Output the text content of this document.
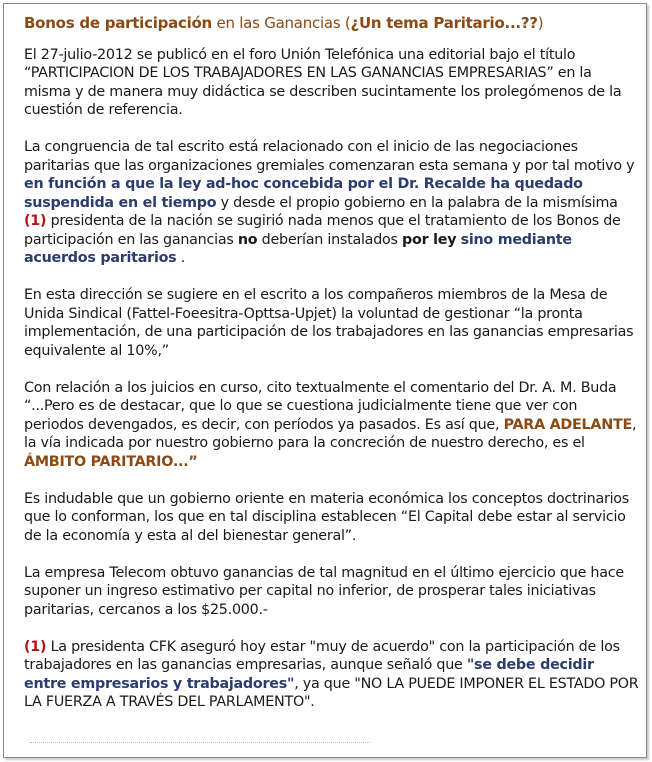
Bonos de participación en las Ganancias (¿Un tema Paritario...??)

El 27-julio-2012 se publicó en el foro Unión Telefónica una editorial bajo el título “PARTICIPACION DE LOS TRABAJADORES EN LAS GANANCIAS EMPRESARIAS” en la misma y de manera muy didáctica se describen sucintamente los prolegómenos de la cuestión de referencia.

La congruencia de tal escrito está relacionado con el inicio de las negociaciones paritarias que las organizaciones gremiales comenzaran esta semana y por tal motivo y en función a que la ley ad-hoc concebida por el Dr. Recalde ha quedado suspendida en el tiempo y desde el propio gobierno en la palabra de la mismísima (1) presidenta de la nación se sugirió nada menos que el tratamiento de los Bonos de participación en las ganancias no deberían instalados por ley sino mediante acuerdos paritarios .

En esta dirección se sugiere en el escrito a los compañeros miembros de la Mesa de Unida Sindical (Fattel-Foeesitra-Opttsa-Upjet) la voluntad de gestionar “la pronta implementación, de una participación de los trabajadores en las ganancias empresarias equivalente al 10%,”

Con relación a los juicios en curso, cito textualmente el comentario del Dr. A. M. Buda “...Pero es de destacar, que lo que se cuestiona judicialmente tiene que ver con periodos devengados, es decir, con períodos ya pasados. Es así que, PARA ADELANTE, la vía indicada por nuestro gobierno para la concreción de nuestro derecho, es el ÁMBITO PARITARIO...”

Es indudable que un gobierno oriente en materia económica los conceptos doctrinarios que lo conforman, los que en tal disciplina establecen “El Capital debe estar al servicio de la economía y esta al del bienestar general”.

La empresa Telecom obtuvo ganancias de tal magnitud en el último ejercicio que hace suponer un ingreso estimativo per capital no inferior, de prosperar tales iniciativas paritarias, cercanos a los $25.000.-

(1) La presidenta CFK aseguró hoy estar "muy de acuerdo" con la participación de los trabajadores en las ganancias empresarias, aunque señaló que "se debe decidir entre empresarios y trabajadores", ya que "NO LA PUEDE IMPONER EL ESTADO POR LA FUERZA A TRAVÉS DEL PARLAMENTO".
